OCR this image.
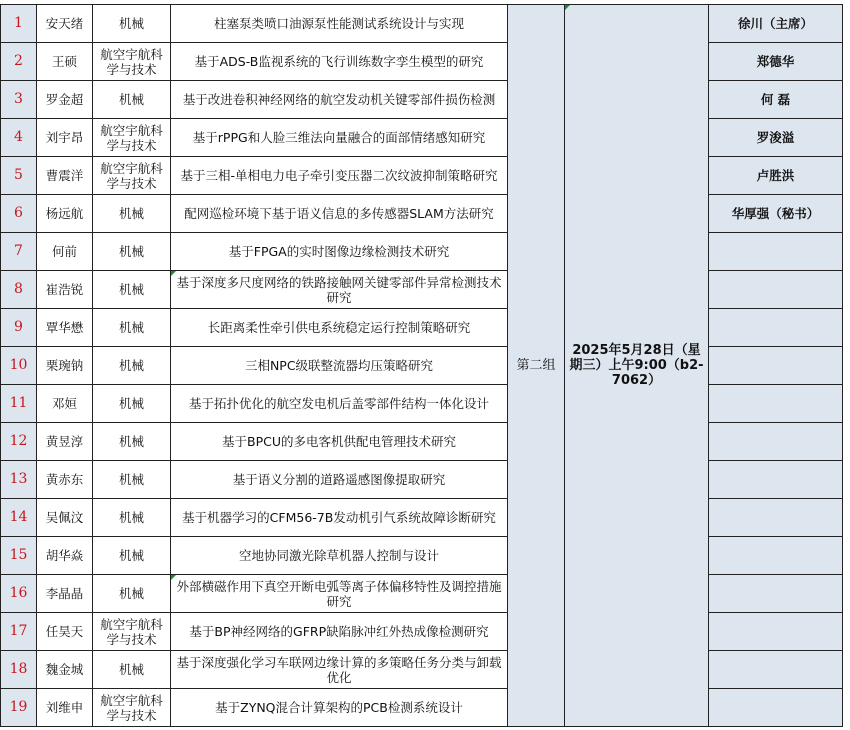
1	安天绪	机械	柱塞泵类喷口油源泵性能测试系统设计与实现	第二组	2025年5月28日（星期三）上午9:00（b2-7062）	徐川（主席）
2	王硕	航空宇航科学与技术	基于ADS-B监视系统的飞行训练数字孪生模型的研究			郑德华
3	罗金超	机械	基于改进卷积神经网络的航空发动机关键零部件损伤检测			何 磊
4	刘宇昂	航空宇航科学与技术	基于rPPG和人脸三维法向量融合的面部情绪感知研究			罗浚溢
5	曹震洋	航空宇航科学与技术	基于三相-单相电力电子牵引变压器二次纹波抑制策略研究			卢胜洪
6	杨远航	机械	配网巡检环境下基于语义信息的多传感器SLAM方法研究			华厚强（秘书）
7	何前	机械	基于FPGA的实时图像边缘检测技术研究			
8	崔浩锐	机械	基于深度多尺度网络的铁路接触网关键零部件异常检测技术研究			
9	覃华懋	机械	长距离柔性牵引供电系统稳定运行控制策略研究			
10	栗琬钠	机械	三相NPC级联整流器均压策略研究			
11	邓姮	机械	基于拓扑优化的航空发电机后盖零部件结构一体化设计			
12	黄昱淳	机械	基于BPCU的多电客机供配电管理技术研究			
13	黄赤东	机械	基于语义分割的道路遥感图像提取研究			
14	吴佩汶	机械	基于机器学习的CFM56-7B发动机引气系统故障诊断研究			
15	胡华焱	机械	空地协同激光除草机器人控制与设计			
16	李晶晶	机械	外部横磁作用下真空开断电弧等离子体偏移特性及调控措施研究			
17	任昊天	航空宇航科学与技术	基于BP神经网络的GFRP缺陷脉冲红外热成像检测研究			
18	魏金城	机械	基于深度强化学习车联网边缘计算的多策略任务分类与卸载优化			
19	刘维申	航空宇航科学与技术	基于ZYNQ混合计算架构的PCB检测系统设计			
